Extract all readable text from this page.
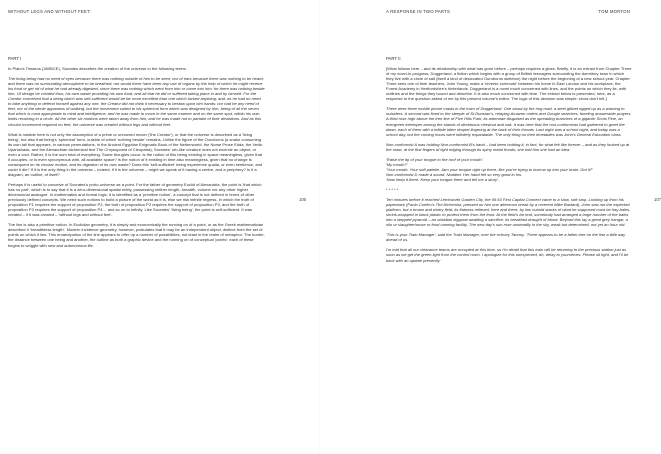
WITHOUT LEGS AND WITHOUT FEET:

PART I

In Plato's Timaeus (360BCE), Socrates describes the creation of the universe in the following terms:

The living being had no need of eyes because there was nothing outside of him to be seen; nor of ears because there was nothing to be heard; and there was no surrounding atmosphere to be breathed; nor would there have been any use of organs by the help of which he might receive his food or get rid of what he had already digested, since there was nothing which went from him or came into him: for there was nothing beside him. Of design he created thus; his own waste providing his own food, and all that he did or suffered taking place in and by himself. For the Creator conceived that a being which was self-sufficient would be far more excellent than one which lacked anything; and, as he had no need to take anything or defend himself against any one, the Creator did not think it necessary to bestow upon him hands: nor had he any need of feet, nor of the whole apparatus of walking; but the movement suited to his spherical form which was designed by him, being of all the seven that which is most appropriate to mind and intelligence; and he was made to move in the same manner and on the same spot, within his own limits revolving in a circle. All the other six motions were taken away from him, and he was made not to partake of their deviations. And as this circular movement required no feet, the universe was created without legs and without feet.

What is notable here is not only the assumption of a prime or unmoved mover ('the Creator'), or that the universe is described as a 'living being', but also that being's 'spherical' form, outside of which 'nothing beside' remains. Unlike the figure of the Ouroboros (a snake consuming its own tail that appears, in various permutations, in the Ancient Egyptian Enigmatic Book of the Netherworld, the Norse Prose Edda, the Vedic Upanishads, and the Alexandrian alchemical text The Chrysopoeia of Cleopatra), Socrates' orb-like creature does not encircle an object, or even a void. Rather, it is the sum total of everything. Some thoughts occur: is the notion of this being existing in space meaningless, given that it occupies, or is even synonymous with, all available space? Is the notion of it existing in time also meaningless, given that no change is consequent on its circular motion, and its digestion of its own waste? Does this 'self-sufficient' being experience qualia, or even sentience, and could it die? If it is the only thing in the universe – indeed, if it is the universe – might we speak of it having a centre, and a periphery? Is it a diagram, an outline, of itself?

Perhaps it is useful to conceive of Socrates's proto-universe as a point. For the father of geometry Euclid of Alexandria, the point is 'that which has no part', which is to say that it is a zero-dimensional spatial entity, possessing neither length, breadth, volume nor any other higher dimensional analogue. In mathematics and formal logic, it is identified as a 'primitive notion', a concept that is not defined in terms of other previously defined concepts. We need such notions to build a picture of the world as it is, else we risk infinite regress, in which the truth of proposition P1 requires the support of proposition P2, the truth of proposition P2 requires the support of proposition P3, and the truth of proposition P3 requires the support of proposition P4… and so on to infinity. Like Socrates' 'living being', the point is self-sufficient. It was created – if it was created – 'without legs and without feet'.

The line is also a primitive notion. In Euclidian geometry, it is simply and economically the running on of a point, or as the Greek mathematician described it 'breadthless length'. Modern incidence geometry, however, postulates that it may be an independent object, distinct from the set of points on which it lies. This emancipation of the line appears to offer up a number of possibilities, not least in the realm of metaphor. The border, the distance between one being and another, the outline as both a graphic device and the running on of conceptual 'points': each of these begins to wriggle with new and autonomous life.

106
A RESPONSE IN TWO PARTS	TOM MORTON

PART II

[What follows here – and its relationship with what has gone before – perhaps requires a gloss. Briefly, it is an extract from Chapter Three of my novel-in-progress, Doggerland, a fiction which begins with a group of British teenagers surrounding the dormitory town in which they live with a circle of salt (itself a kind of desiccated Ouroboros skeleton) the night before the beginning of a new school year. Chapter Three sees one of their teachers, John Young, make a 'reverse commute' between his home in East London and his workplace, the Forest Academy in Hertfordshire's hinterlands. Doggerland is a novel much concerned with lines, and the points on which they lie, with outlines and the things they bound and describe. It is also much concerned with time. The extract below is presented, here, as a response to the question asked of me by this present volume's editor. The logic of this decision was simple: show don't tell.]

There were three mobile phone masts in the town of Doggerland. One stood by the ring road, a steel gibbet rigged up as a warning to outsiders. A second was fixed to the steeple of St Dunstan's, relaying Amazon orders and Google searches, funeling answerable prayers. A third rose high above the tree line of Five Hills Park, its antennae disguised as the spreading branches of a gigantic Scots Pine, an evergreen interloper among the stands of deciduous chestnut and oak. It was here that the non-conformists had gathered to greet the dawn, each of them with a telltale bitter droplet lingering at the back of their throats. Last night was a school night, and today was a school day, but the coming hours were infinitely expandable. The only thing on their timetables was John's General Education class.

Non-conformist A was holding Non-conformist B's hand – had been holding it, in fact, for what felt like forever – and as they looked up at the mast, at the first fingers of light edging through its spiny metal fronds, she told him she had an idea.

'Raise the tip of your tongue to the roof of your mouth'.
'My mouth?'
'Your mouth. Your soft palette. Jam your tongue right up there, like you're trying to burrow up into your brain. Got it?'
Non-conformist D made a sound. Nodded. Her hand felt so very good in his.
'Now keep it there. Keep your tongue there and tell me a story'.

* * * * *

Ten minutes before it reached Letchworth Garden City, the 06:53 First Capital Connect came to a slow, soft stop. Looking up from his paperback (Paolo Coelho's The Alchemist, pressed on him one afternoon break by a reverent Mike Bastard), John saw not the expected platform, but a brown and wintry field, its flatness relieved, here and there, by low cuboid stacks of what he supposed must be hay bales, shrink-wrapped in black plastic to protect them from the frost. At the field's far end, somebody had arranged a large number of the bales into a stepped pyramid – an obsidian ziggurat awaiting a sacrifice, its breakfast draught of blood. Beyond this lay a great grey hangar, a silo or slaughterhouse or food canning facility. The new day's sun rose unsteadily in the sky, weak but determined, not yet an hour old.

'This is your Train Manager', said the Train Manager, over the echoey Tannoy. 'There appears to be a fallen tree on the line a little way ahead of us.

I'm told that all our clearance teams are occupied at this time, so I'm afraid that this train will be returning to the previous station just as soon as we get the green light from the control room. I apologize for this unexpected, ah, delay to yourselves. Please sit tight, and I'll be back with an update presently.'

107
